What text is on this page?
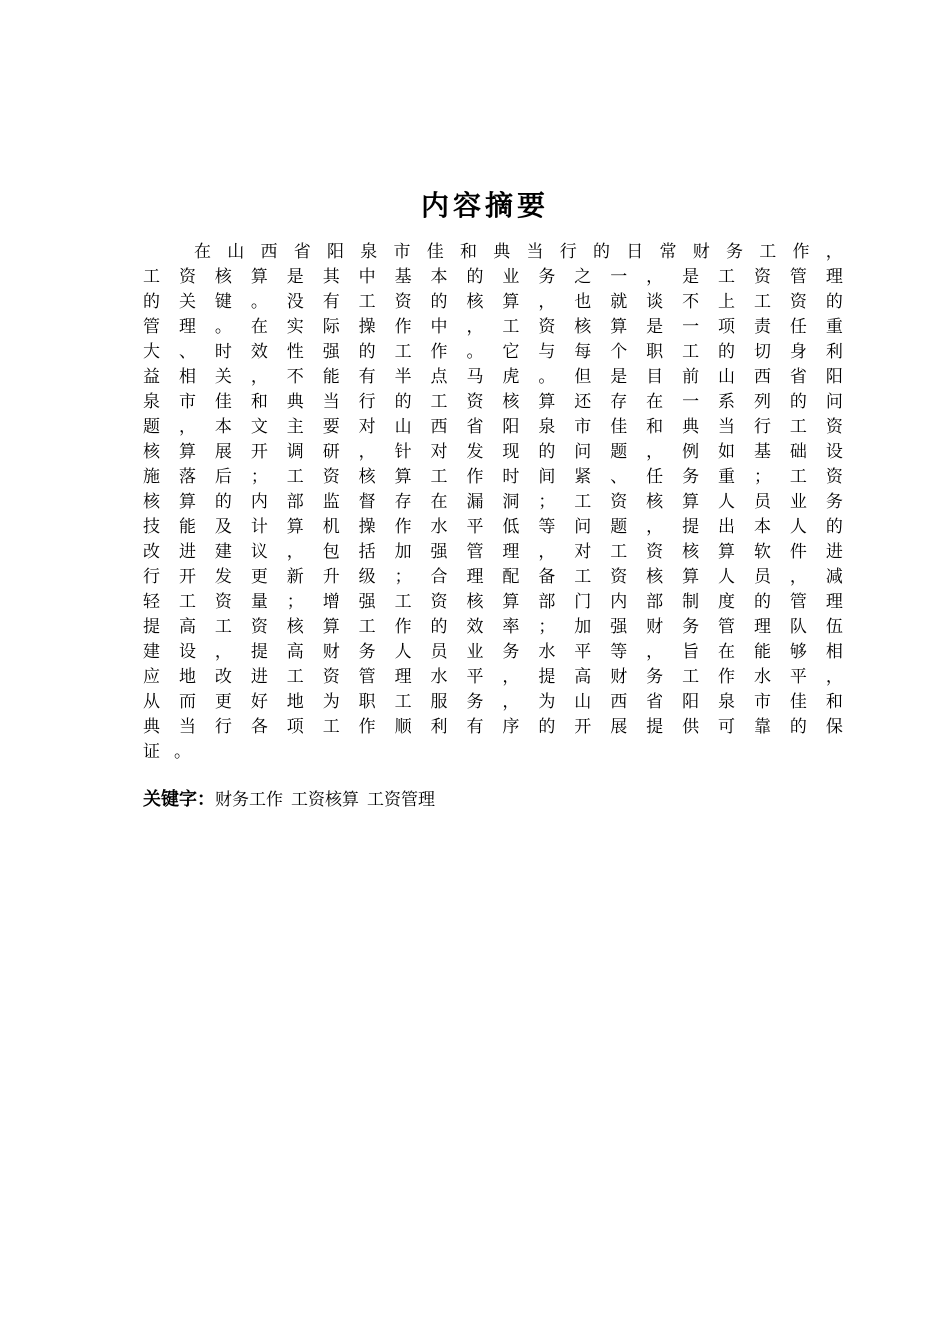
内容摘要
在 山 西 省 阳 泉 市 佳 和 典 当 行 的 日 常 财 务 工 作 ，
工 资 核 算 是 其 中 基 本 的 业 务 之 一 ， 是 工 资 管 理
的 关 键 。 没 有 工 资 的 核 算 ， 也 就 谈 不 上 工 资 的
管 理 。 在 实 际 操 作 中 ， 工 资 核 算 是 一 项 责 任 重
大 、 时 效 性 强 的 工 作 。 它 与 每 个 职 工 的 切 身 利
益 相 关 ， 不 能 有 半 点 马 虎 。 但 是 目 前 山 西 省 阳
泉 市 佳 和 典 当 行 的 工 资 核 算 还 存 在 一 系 列 的 问
题 ， 本 文 主 要 对 山 西 省 阳 泉 市 佳 和 典 当 行 工 资
核 算 展 开 调 研 ， 针 对 发 现 的 问 题 ， 例 如 基 础 设
施 落 后 ； 工 资 核 算 工 作 时 间 紧 、 任 务 重 ； 工 资
核 算 的 内 部 监 督 存 在 漏 洞 ； 工 资 核 算 人 员 业 务
技 能 及 计 算 机 操 作 水 平 低 等 问 题 ， 提 出 本 人 的
改 进 建 议 ， 包 括 加 强 管 理 ， 对 工 资 核 算 软 件 进
行 开 发 更 新 升 级 ； 合 理 配 备 工 资 核 算 人 员 ， 减
轻 工 资 量 ； 增 强 工 资 核 算 部 门 内 部 制 度 的 管 理
提 高 工 资 核 算 工 作 的 效 率 ； 加 强 财 务 管 理 队 伍
建 设 ， 提 高 财 务 人 员 业 务 水 平 等 ， 旨 在 能 够 相
应 地 改 进 工 资 管 理 水 平 ， 提 高 财 务 工 作 水 平 ，
从 而 更 好 地 为 职 工 服 务 ， 为 山 西 省 阳 泉 市 佳 和
典 当 行 各 项 工 作 顺 利 有 序 的 开 展 提 供 可 靠 的 保
证 。
关键字：财务工作 工资核算 工资管理
